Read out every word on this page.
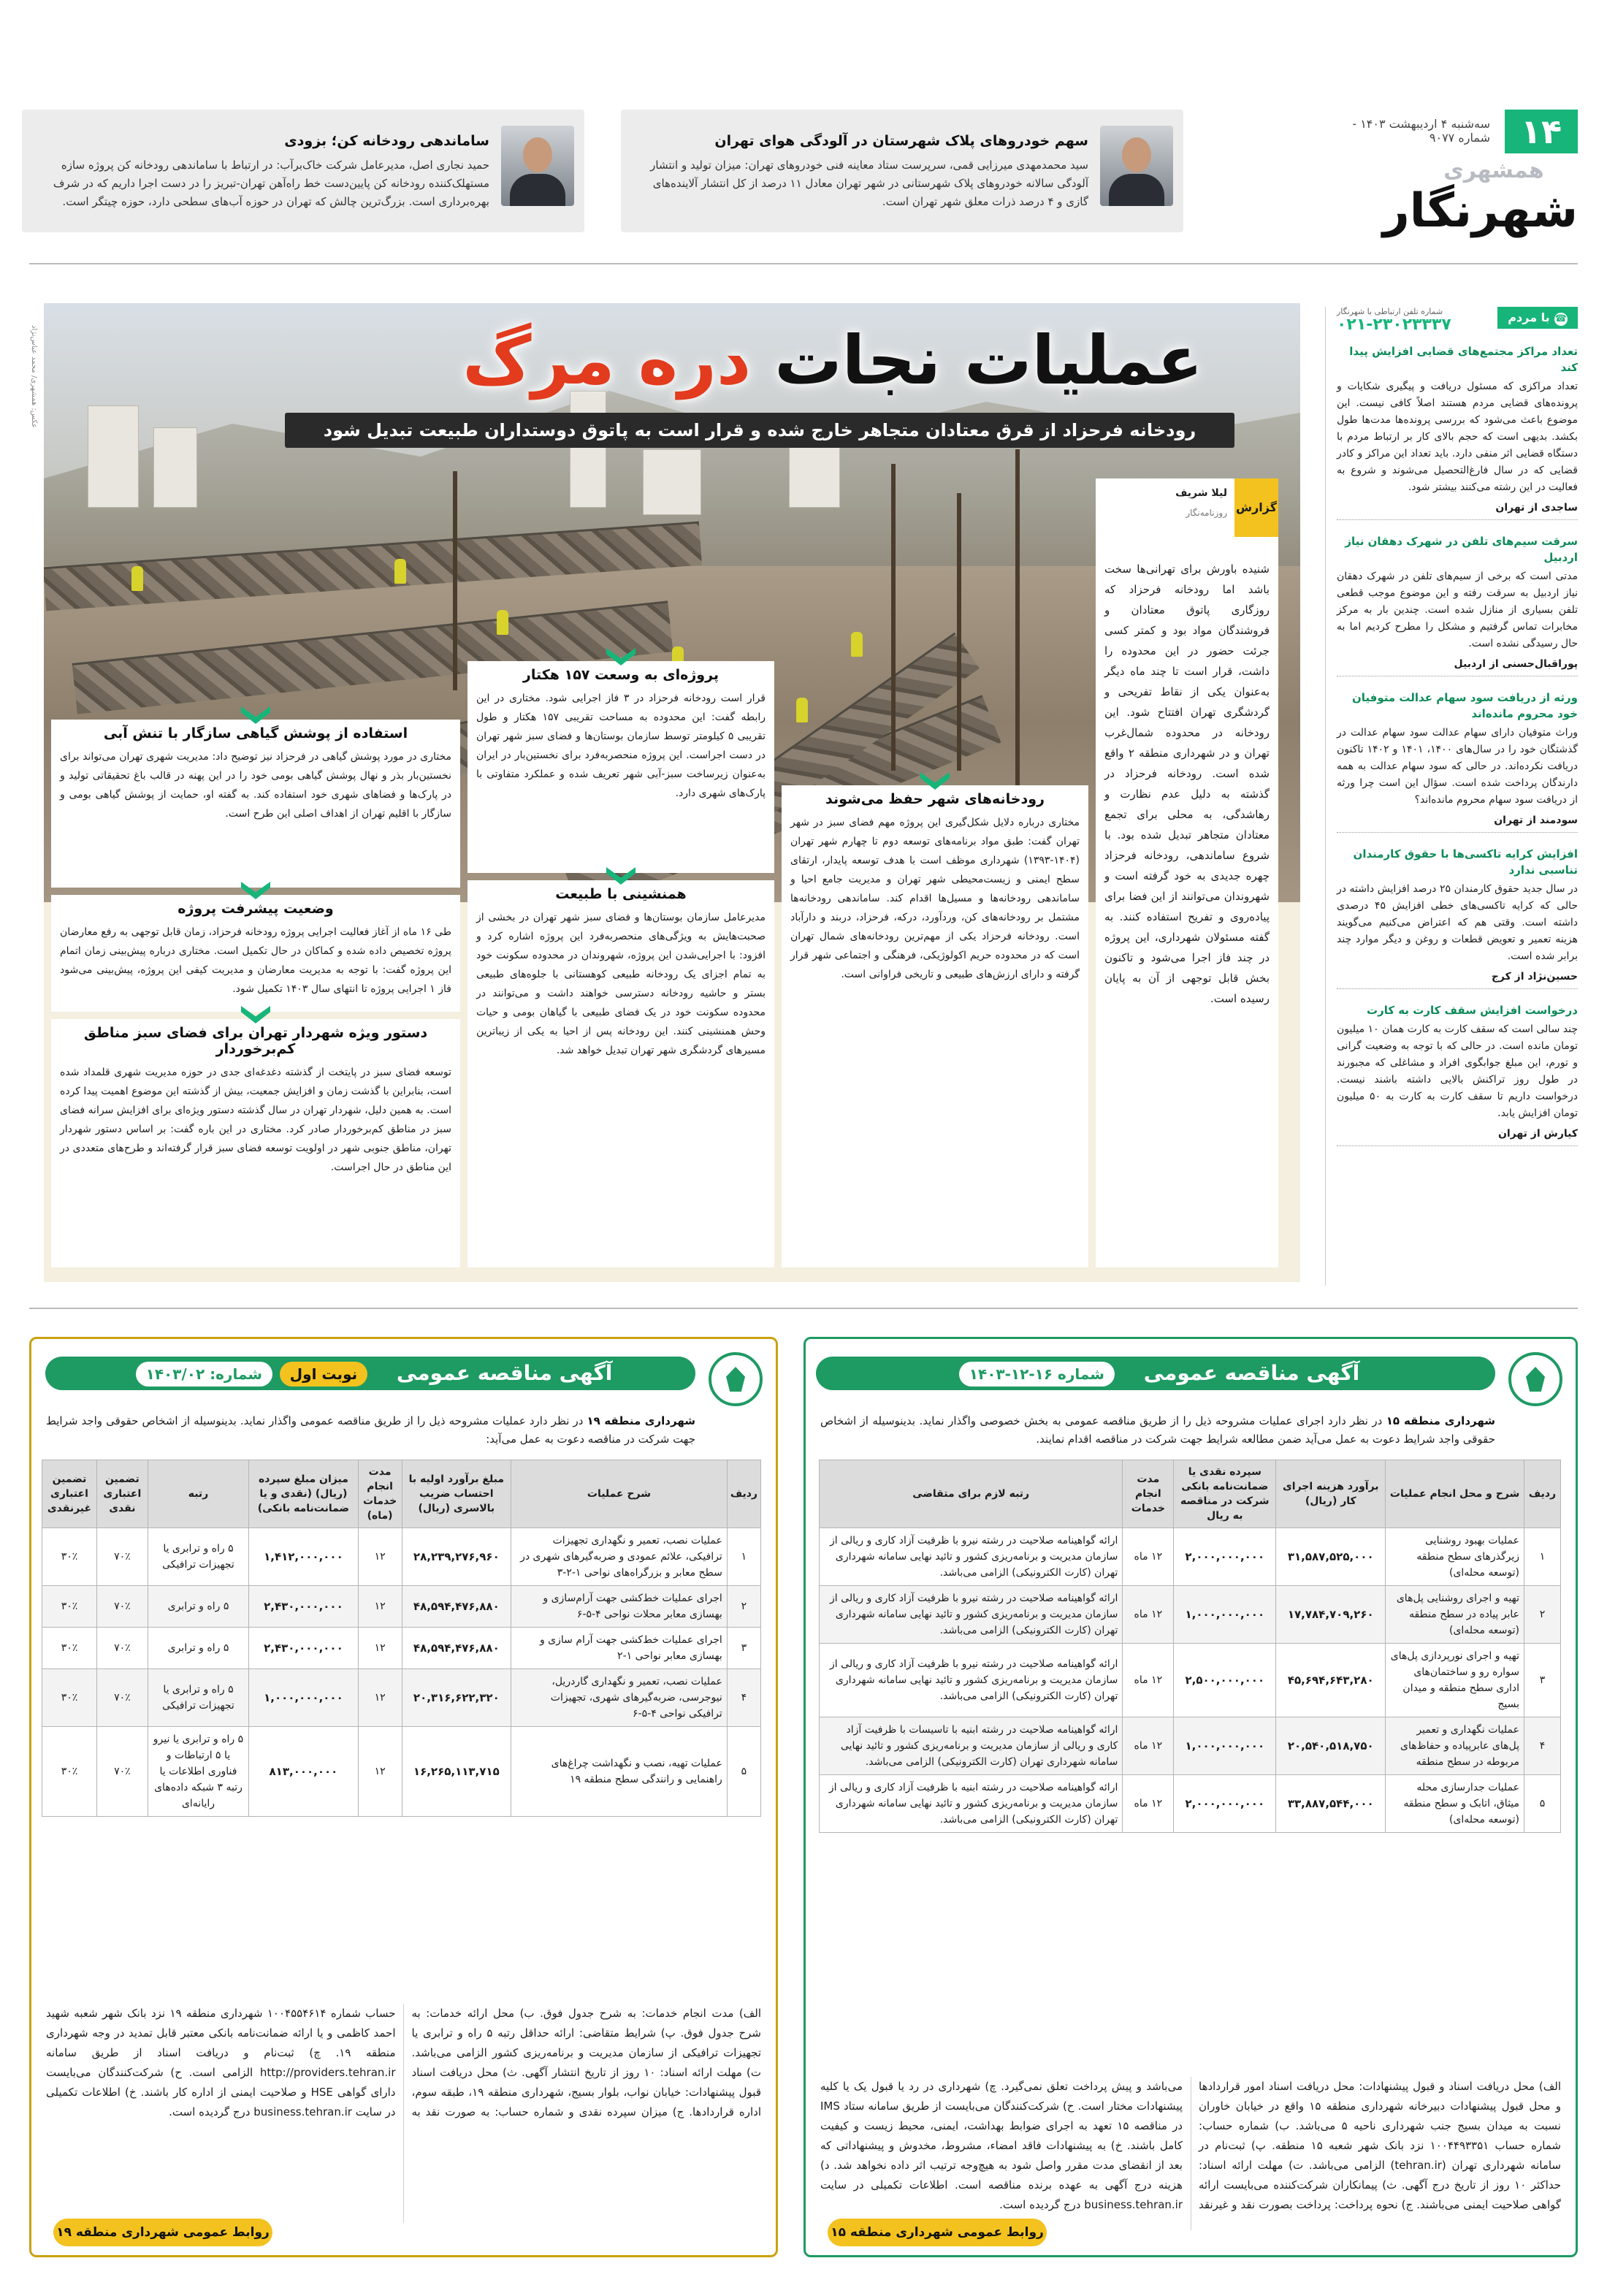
۱۴
سه‌شنبه ۴ اردیبهشت ۱۴۰۳ - شماره ۹۰۷۷
همشهری
شهرنگار
سهم خودروهای پلاک شهرستان در آلودگی هوای تهران
سید محمدمهدی میرزایی قمی، سرپرست ستاد معاینه فنی خودروهای تهران: میزان تولید و انتشار آلودگی سالانه خودروهای پلاک شهرستانی در شهر تهران معادل ۱۱ درصد از کل انتشار آلاینده‌های گازی و ۴ درصد ذرات معلق شهر تهران است.
ساماندهی رودخانه کن؛ بزودی
حمید نجاری اصل، مدیرعامل شرکت خاک‌برآب: در ارتباط با ساماندهی رودخانه کن پروژه سازه مستهلک‌کننده رودخانه کن پایین‌دست خط راه‌آهن تهران-تبریز را در دست اجرا داریم که در شرف بهره‌برداری است. بزرگ‌ترین چالش که تهران در حوزه آب‌های سطحی دارد، حوزه چیتگر است.
☎با مردم
شماره تلفن ارتباطی با شهرنگار
۰۲۱-۲۳۰۲۳۳۳۷
تعداد مراکز مجتمع‌های قضایی افزایش پیدا کند
تعداد مراکزی که مسئول دریافت و پیگیری شکایات و پرونده‌های قضایی مردم هستند اصلاً کافی نیست. این موضوع باعث می‌شود که بررسی پرونده‌ها مدت‌ها طول بکشد. بدیهی است که حجم بالای کار بر ارتباط مردم با دستگاه قضایی اثر منفی دارد. باید تعداد این مراکز و کادر قضایی که در سال فارغ‌التحصیل می‌شوند و شروع به فعالیت در این رشته می‌کنند بیشتر شود.
ساجدی از تهران
سرقت سیم‌های تلفن در شهرک دهقان نیاز اردبیل
مدتی است که برخی از سیم‌های تلفن در شهرک دهقان نیاز اردبیل به سرقت رفته و این موضوع موجب قطعی تلفن بسیاری از منازل شده است. چندین بار به مرکز مخابرات تماس گرفتیم و مشکل را مطرح کردیم اما به حال رسیدگی نشده است.
پوراقبال‌حسنی از اردبیل
ورثه از دریافت سود سهام عدالت متوفیان خود محروم مانده‌اند
وراث متوفیان دارای سهام عدالت سود سهام عدالت در گذشتگان خود را در سال‌های ۱۴۰۰، ۱۴۰۱ و ۱۴۰۲ تاکنون دریافت نکرده‌اند. در حالی که سود سهام عدالت به همه دارندگان پرداخت شده است. سؤال این است چرا ورثه از دریافت سود سهام محروم مانده‌اند؟
سودمند از تهران
افزایش کرایه تاکسی‌ها با حقوق کارمندان تناسبی ندارد
در سال جدید حقوق کارمندان ۲۵ درصد افزایش داشته در حالی که کرایه تاکسی‌های خطی افزایش ۴۵ درصدی داشته است. وقتی هم که اعتراض می‌کنیم می‌گویند هزینه تعمیر و تعویض قطعات و روغن و دیگر موارد چند برابر شده است.
حسین‌نژاد از کرج
درخواست افزایش سقف کارت به کارت
چند سالی است که سقف کارت به کارت همان ۱۰ میلیون تومان مانده است. در حالی که با توجه به وضعیت گرانی و تورم، این مبلغ جوابگوی افراد و مشاغلی که مجبورند در طول روز تراکنش بالایی داشته باشند نیست. درخواست داریم تا سقف کارت به کارت به ۵۰ میلیون تومان افزایش یابد.
کیارش از تهران
عکس: همشهری/ محمد عباس‌نژاد	عملیات نجات دره مرگ
رودخانه فرحزاد از قرق معتادان متجاهر خارج شده و قرار است به پاتوق دوستداران طبیعت تبدیل شود
گزارش
لیلا شریف
روزنامه‌نگار
شنیده باورش برای تهرانی‌ها سخت باشد اما رودخانه فرحزاد که روزگاری پاتوق معتادان و فروشندگان مواد بود و کمتر کسی جرئت حضور در این محدوده را داشت، قرار است تا چند ماه دیگر به‌عنوان یکی از نقاط تفریحی و گردشگری تهران افتتاح شود. این رودخانه در محدوده شمال‌غرب تهران و در شهرداری منطقه ۲ واقع شده است. رودخانه فرحزاد در گذشته به دلیل عدم نظارت و رهاشدگی، به محلی برای تجمع معتادان متجاهر تبدیل شده بود. با شروع ساماندهی، رودخانه فرحزاد چهره جدیدی به خود گرفته است و شهروندان می‌توانند از این فضا برای پیاده‌روی و تفریح استفاده کنند. به گفته مسئولان شهرداری، این پروژه در چند فاز اجرا می‌شود و تاکنون بخش قابل توجهی از آن به پایان رسیده است.
رودخانه‌های شهر حفظ می‌شوند
مختاری درباره دلایل شکل‌گیری این پروژه مهم فضای سبز در شهر تهران گفت: طبق مواد برنامه‌های توسعه دوم تا چهارم شهر تهران (۱۴۰۴-۱۳۹۳) شهرداری موظف است با هدف توسعه پایدار، ارتقای سطح ایمنی و زیست‌محیطی شهر تهران و مدیریت جامع احیا و ساماندهی رودخانه‌ها و مسیل‌ها اقدام کند. ساماندهی رودخانه‌ها مشتمل بر رودخانه‌های کن، وردآورد، درکه، فرحزاد، دربند و دارآباد است. رودخانه فرحزاد یکی از مهم‌ترین رودخانه‌های شمال تهران است که در محدوده حریم اکولوژیکی، فرهنگی و اجتماعی شهر قرار گرفته و دارای ارزش‌های طبیعی و تاریخی فراوانی است.
پروژه‌ای به وسعت ۱۵۷ هکتار
قرار است رودخانه فرحزاد در ۳ فاز اجرایی شود. مختاری در این رابطه گفت: این محدوده به مساحت تقریبی ۱۵۷ هکتار و طول تقریبی ۵ کیلومتر توسط سازمان بوستان‌ها و فضای سبز شهر تهران در دست اجراست. این پروژه منحصربه‌فرد برای نخستین‌بار در ایران به‌عنوان زیرساخت سبز-آبی شهر تعریف شده و عملکرد متفاوتی با پارک‌های شهری دارد.
همنشینی با طبیعت
مدیرعامل سازمان بوستان‌ها و فضای سبز شهر تهران در بخشی از صحبت‌هایش به ویژگی‌های منحصربه‌فرد این پروژه اشاره کرد و افزود: با اجرایی‌شدن این پروژه، شهروندان در محدوده سکونت خود به تمام اجزای یک رودخانه طبیعی کوهستانی با جلوه‌های طبیعی بستر و حاشیه رودخانه دسترسی خواهند داشت و می‌توانند در محدوده سکونت خود در یک فضای طبیعی با گیاهان بومی و حیات وحش همنشینی کنند. این رودخانه پس از احیا به یکی از زیباترین مسیرهای گردشگری شهر تهران تبدیل خواهد شد.
استفاده از پوشش گیاهی سازگار با تنش آبی
مختاری در مورد پوشش گیاهی در فرحزاد نیز توضیح داد: مدیریت شهری تهران می‌تواند برای نخستین‌بار بذر و نهال پوشش گیاهی بومی خود را در این پهنه در قالب باغ تحقیقاتی تولید و در پارک‌ها و فضاهای شهری خود استفاده کند. به گفته او، حمایت از پوشش گیاهی بومی و سازگار با اقلیم تهران از اهداف اصلی این طرح است.
وضعیت پیشرفت پروژه
طی ۱۶ ماه از آغاز فعالیت اجرایی پروژه رودخانه فرحزاد، زمان قابل توجهی به رفع معارضان پروژه تخصیص داده شده و کماکان در حال تکمیل است. مختاری درباره پیش‌بینی زمان اتمام این پروژه گفت: با توجه به مدیریت معارضان و مدیریت کیفی این پروژه، پیش‌بینی می‌شود فاز ۱ اجرایی پروژه تا انتهای سال ۱۴۰۳ تکمیل شود.
دستور ویژه شهردار تهران برای فضای سبز مناطق کم‌برخوردار
توسعه فضای سبز در پایتخت از گذشته دغدغه‌ای جدی در حوزه مدیریت شهری قلمداد شده است، بنابراین با گذشت زمان و افزایش جمعیت، بیش از گذشته این موضوع اهمیت پیدا کرده است. به همین دلیل، شهردار تهران در سال گذشته دستور ویژه‌ای برای افزایش سرانه فضای سبز در مناطق کم‌برخوردار صادر کرد. مختاری در این باره گفت: بر اساس دستور شهردار تهران، مناطق جنوبی شهر در اولویت توسعه فضای سبز قرار گرفته‌اند و طرح‌های متعددی در این مناطق در حال اجراست.
آگهی مناقصه عمومی شماره ۱۶-۱۲-۱۴۰۳
شهرداری منطقه ۱۵ در نظر دارد اجرای عملیات مشروحه ذیل را از طریق مناقصه عمومی به بخش خصوصی واگذار نماید. بدینوسیله از اشخاص حقوقی واجد شرایط دعوت به عمل می‌آید ضمن مطالعه شرایط جهت شرکت در مناقصه اقدام نمایند.
ردیف	شرح و محل انجام عملیات	برآورد هزینه اجرای کار (ریال)	سپرده نقدی یا ضمانت‌نامه بانکی شرکت در مناقصه به ریال	مدت انجام خدمات	رتبه لازم برای متقاضی
۱	عملیات بهبود روشنایی زیرگذرهای سطح منطقه (توسعه محله‌ای)	۳۱,۵۸۷,۵۲۵,۰۰۰	۲,۰۰۰,۰۰۰,۰۰۰	۱۲ ماه	ارائه گواهینامه صلاحیت در رشته نیرو با ظرفیت آزاد کاری و ریالی از سازمان مدیریت و برنامه‌ریزی کشور و تائید نهایی سامانه شهرداری تهران (کارت الکترونیکی) الزامی می‌باشد.
۲	تهیه و اجرای روشنایی پل‌های عابر پیاده در سطح منطقه (توسعه محله‌ای)	۱۷,۷۸۴,۷۰۹,۲۶۰	۱,۰۰۰,۰۰۰,۰۰۰	۱۲ ماه	ارائه گواهینامه صلاحیت در رشته نیرو با ظرفیت آزاد کاری و ریالی از سازمان مدیریت و برنامه‌ریزی کشور و تائید نهایی سامانه شهرداری تهران (کارت الکترونیکی) الزامی می‌باشد.
۳	تهیه و اجرای نورپردازی پل‌های سواره رو و ساختمان‌های اداری سطح منطقه و میدان بسیج	۴۵,۶۹۴,۶۴۳,۲۸۰	۲,۵۰۰,۰۰۰,۰۰۰	۱۲ ماه	ارائه گواهینامه صلاحیت در رشته نیرو با ظرفیت آزاد کاری و ریالی از سازمان مدیریت و برنامه‌ریزی کشور و تائید نهایی سامانه شهرداری تهران (کارت الکترونیکی) الزامی می‌باشد.
۴	عملیات نگهداری و تعمیر پل‌های عابرپیاده و حفاظ‌های مربوطه در سطح منطقه	۲۰,۵۴۰,۵۱۸,۷۵۰	۱,۰۰۰,۰۰۰,۰۰۰	۱۲ ماه	ارائه گواهینامه صلاحیت در رشته ابنیه با تاسیسات با ظرفیت آزاد کاری و ریالی از سازمان مدیریت و برنامه‌ریزی کشور و تائید نهایی سامانه شهرداری تهران (کارت الکترونیکی) الزامی می‌باشد.
۵	عملیات جدارسازی محله میثاق، اتابک و سطح منطقه (توسعه محله‌ای)	۳۳,۸۸۷,۵۴۴,۰۰۰	۲,۰۰۰,۰۰۰,۰۰۰	۱۲ ماه	ارائه گواهینامه صلاحیت در رشته ابنیه با ظرفیت آزاد کاری و ریالی از سازمان مدیریت و برنامه‌ریزی کشور و تائید نهایی سامانه شهرداری تهران (کارت الکترونیکی) الزامی می‌باشد.
الف) محل دریافت اسناد و قبول پیشنهادات: محل دریافت اسناد امور قراردادها و محل قبول پیشنهادات دبیرخانه شهرداری منطقه ۱۵ واقع در خیابان خاوران نسبت به میدان بسیج جنب شهرداری ناحیه ۵ می‌باشد. ب) شماره حساب: شماره حساب ۱۰۰۴۴۹۳۳۵۱ نزد بانک شهر شعبه ۱۵ منطقه. پ) ثبت‌نام در سامانه شهرداری تهران (tehran.ir) الزامی می‌باشد. ت) مهلت ارائه اسناد: حداکثر ۱۰ روز از تاریخ درج آگهی. ث) پیمانکاران شرکت‌کننده می‌بایست ارائه گواهی صلاحیت ایمنی می‌باشند. ج) نحوه پرداخت: پرداخت بصورت نقد و غیرنقد می‌باشد و پیش پرداخت تعلق نمی‌گیرد. چ) شهرداری در رد یا قبول یک یا کلیه پیشنهادات مختار است. ح) شرکت‌کنندگان می‌بایست از طریق سامانه ستاد IMS در مناقصه ۱۵ تعهد به اجرای ضوابط بهداشت، ایمنی، محیط زیست و کیفیت کامل باشند. خ) به پیشنهادات فاقد امضاء، مشروط، مخدوش و پیشنهاداتی که بعد از انقضای مدت مقرر واصل شود به هیچ‌وجه ترتیب اثر داده نخواهد شد. د) هزینه درج آگهی به عهده برنده مناقصه است. اطلاعات تکمیلی در سایت business.tehran.ir درج گردیده است.
روابط عمومی شهرداری منطقه ۱۵
آگهی مناقصه عمومی نوبت اول شماره: ۱۴۰۳/۰۲
شهرداری منطقه ۱۹ در نظر دارد عملیات مشروحه ذیل را از طریق مناقصه عمومی واگذار نماید. بدینوسیله از اشخاص حقوقی واجد شرایط جهت شرکت در مناقصه دعوت به عمل می‌آید:
ردیف	شرح عملیات	مبلغ برآورد اولیه با احتساب ضریب بالاسری (ریال)	مدت انجام خدمات (ماه)	میزان مبلغ سپرده (ریال) (نقدی و یا ضمانت‌نامه بانکی)	رتبه	تضمین اعتباری نقدی	تضمین اعتباری غیرنقدی
۱	عملیات نصب، تعمیر و نگهداری تجهیزات ترافیکی، علائم عمودی و ضربه‌گیرهای شهری در سطح معابر و بزرگراه‌های نواحی ۱-۲-۳	۲۸,۲۳۹,۲۷۶,۹۶۰	۱۲	۱,۴۱۲,۰۰۰,۰۰۰	۵ راه و ترابری یا تجهیزات ترافیکی	۷۰٪	۳۰٪
۲	اجرای عملیات خط‌کشی جهت آرام‌سازی و بهسازی معابر محلات نواحی ۴-۵-۶	۴۸,۵۹۴,۴۷۶,۸۸۰	۱۲	۲,۴۳۰,۰۰۰,۰۰۰	۵ راه و ترابری	۷۰٪	۳۰٪
۳	اجرای عملیات خط‌کشی جهت آرام سازی و بهسازی معابر نواحی ۱-۲	۴۸,۵۹۴,۴۷۶,۸۸۰	۱۲	۲,۴۳۰,۰۰۰,۰۰۰	۵ راه و ترابری	۷۰٪	۳۰٪
۴	عملیات نصب، تعمیر و نگهداری گاردریل، نیوجرسی، ضربه‌گیرهای شهری، تجهیزات ترافیکی نواحی ۴-۵-۶	۲۰,۳۱۶,۶۲۲,۳۲۰	۱۲	۱,۰۰۰,۰۰۰,۰۰۰	۵ راه و ترابری یا تجهیزات ترافیکی	۷۰٪	۳۰٪
۵	عملیات تهیه، نصب و نگهداشت چراغ‌های راهنمایی و رانندگی سطح منطقه ۱۹	۱۶,۲۶۵,۱۱۳,۷۱۵	۱۲	۸۱۳,۰۰۰,۰۰۰	۵ راه و ترابری یا نیرو یا ۵ ارتباطات و فناوری اطلاعات یا رتبه ۳ شبکه داده‌های رایانه‌ای	۷۰٪	۳۰٪
الف) مدت انجام خدمات: به شرح جدول فوق. ب) محل ارائه خدمات: به شرح جدول فوق. پ) شرایط متقاضی: ارائه حداقل رتبه ۵ راه و ترابری یا تجهیزات ترافیکی از سازمان مدیریت و برنامه‌ریزی کشور الزامی می‌باشد. ت) مهلت ارائه اسناد: ۱۰ روز از تاریخ انتشار آگهی. ث) محل دریافت اسناد قبول پیشنهادات: خیابان نواب، بلوار بسیج، شهرداری منطقه ۱۹، طبقه سوم، اداره قراردادها. ج) میزان سپرده نقدی و شماره حساب: به صورت نقد به حساب شماره ۱۰۰۴۵۵۴۶۱۴ شهرداری منطقه ۱۹ نزد بانک شهر شعبه شهید احمد کاظمی و یا ارائه ضمانت‌نامه بانکی معتبر قابل تمدید در وجه شهرداری منطقه ۱۹. چ) ثبت‌نام و دریافت اسناد از طریق سامانه http://providers.tehran.ir الزامی است. ح) شرکت‌کنندگان می‌بایست دارای گواهی HSE و صلاحیت ایمنی از اداره کار باشند. خ) اطلاعات تکمیلی در سایت business.tehran.ir درج گردیده است.
روابط عمومی شهرداری منطقه ۱۹
